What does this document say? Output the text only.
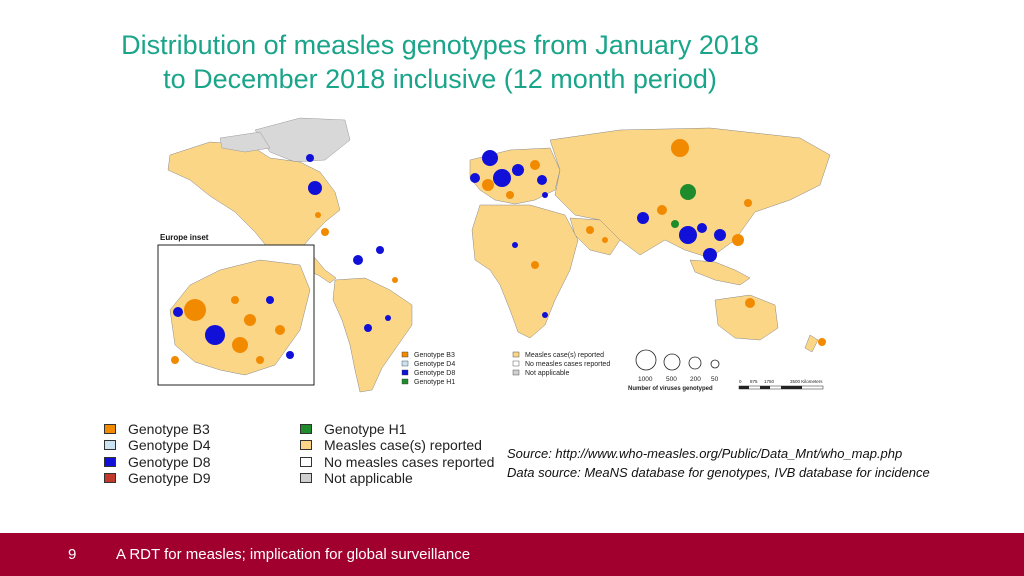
Distribution of measles genotypes from January 2018
to December 2018 inclusive (12 month period)
Europe inset
Genotype B3
Genotype D4
Genotype D8
Genotype H1
Measles case(s) reported
No measles cases reported
Not applicable
1000 500 200 50
Number of viruses genotyped
0 875 1750	3500 Kilometers
Genotype B3
Genotype D4
Genotype D8
Genotype D9
Genotype H1
Measles case(s) reported
No measles cases reported
Not applicable
Source: http://www.who-measles.org/Public/Data_Mnt/who_map.php
Data source: MeaNS database for genotypes, IVB database for incidence
9	A RDT for measles; implication for global surveillance
